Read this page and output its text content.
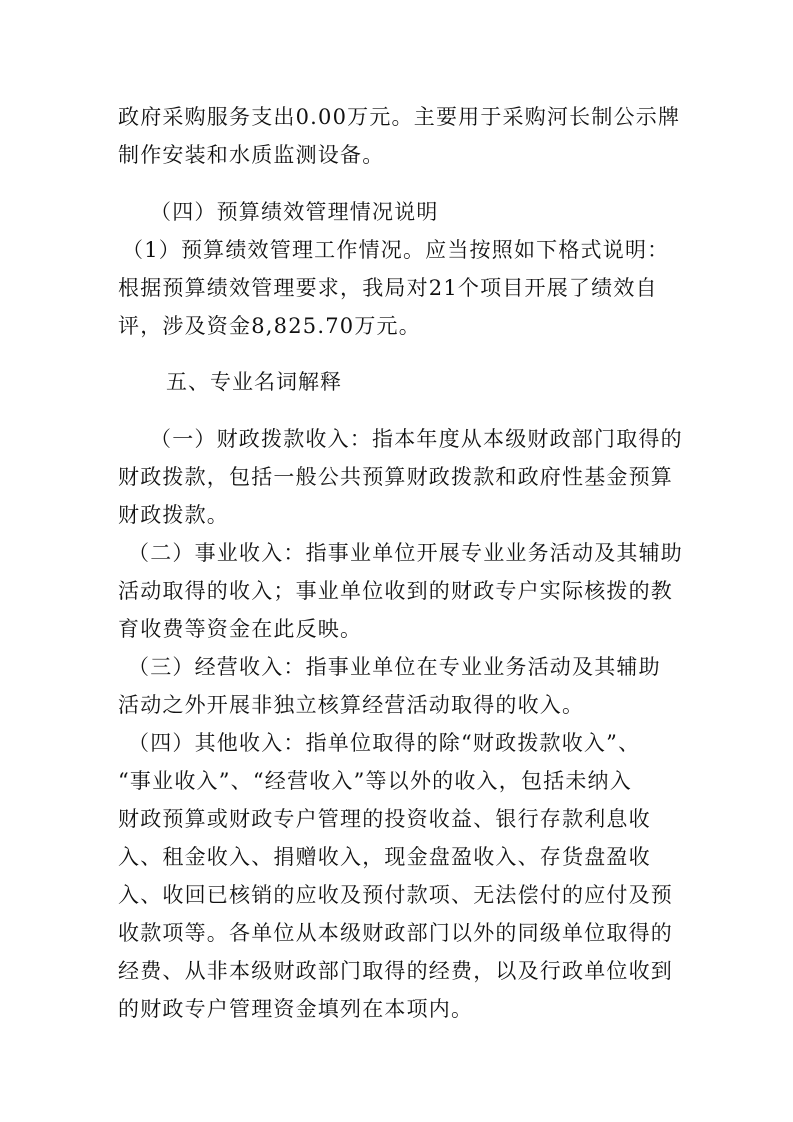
政府采购服务支出0.00万元。主要用于采购河长制公示牌
制作安装和水质监测设备。
（四）预算绩效管理情况说明
（1）预算绩效管理工作情况。应当按照如下格式说明：
根据预算绩效管理要求，我局对21个项目开展了绩效自
评，涉及资金8,825.70万元。
五、专业名词解释
（一）财政拨款收入：指本年度从本级财政部门取得的
财政拨款，包括一般公共预算财政拨款和政府性基金预算
财政拨款。
（二）事业收入：指事业单位开展专业业务活动及其辅助
活动取得的收入；事业单位收到的财政专户实际核拨的教
育收费等资金在此反映。
（三）经营收入：指事业单位在专业业务活动及其辅助
活动之外开展非独立核算经营活动取得的收入。
（四）其他收入：指单位取得的除“财政拨款收入”、
“事业收入”、“经营收入”等以外的收入，包括未纳入
财政预算或财政专户管理的投资收益、银行存款利息收
入、租金收入、捐赠收入，现金盘盈收入、存货盘盈收
入、收回已核销的应收及预付款项、无法偿付的应付及预
收款项等。各单位从本级财政部门以外的同级单位取得的
经费、从非本级财政部门取得的经费，以及行政单位收到
的财政专户管理资金填列在本项内。
